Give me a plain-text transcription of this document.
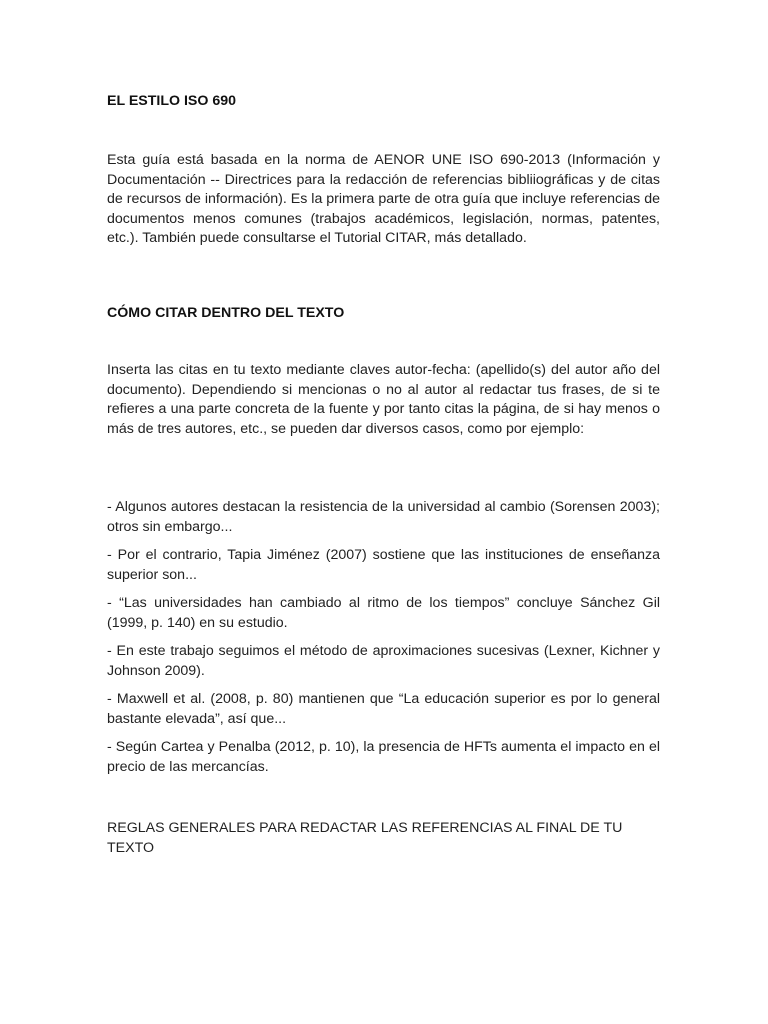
EL ESTILO ISO 690

Esta guía está basada en la norma de AENOR UNE ISO 690-2013 (Información y Documentación -- Directrices para la redacción de referencias bibliiográficas y de citas de recursos de información). Es la primera parte de otra guía que incluye referencias de documentos menos comunes (trabajos académicos, legislación, normas, patentes, etc.). También puede consultarse el Tutorial CITAR, más detallado.

CÓMO CITAR DENTRO DEL TEXTO

Inserta las citas en tu texto mediante claves autor-fecha: (apellido(s) del autor año del documento). Dependiendo si mencionas o no al autor al redactar tus frases, de si te refieres a una parte concreta de la fuente y por tanto citas la página, de si hay menos o más de tres autores, etc., se pueden dar diversos casos, como por ejemplo:

- Algunos autores destacan la resistencia de la universidad al cambio (Sorensen 2003); otros sin embargo...

- Por el contrario, Tapia Jiménez (2007) sostiene que las instituciones de enseñanza superior son...

- “Las universidades han cambiado al ritmo de los tiempos” concluye Sánchez Gil (1999, p. 140) en su estudio.

- En este trabajo seguimos el método de aproximaciones sucesivas (Lexner, Kichner y Johnson 2009).

- Maxwell et al. (2008, p. 80) mantienen que “La educación superior es por lo general bastante elevada”, así que...

- Según Cartea y Penalba (2012, p. 10), la presencia de HFTs aumenta el impacto en el precio de las mercancías.

REGLAS GENERALES PARA REDACTAR LAS REFERENCIAS AL FINAL DE TU TEXTO
